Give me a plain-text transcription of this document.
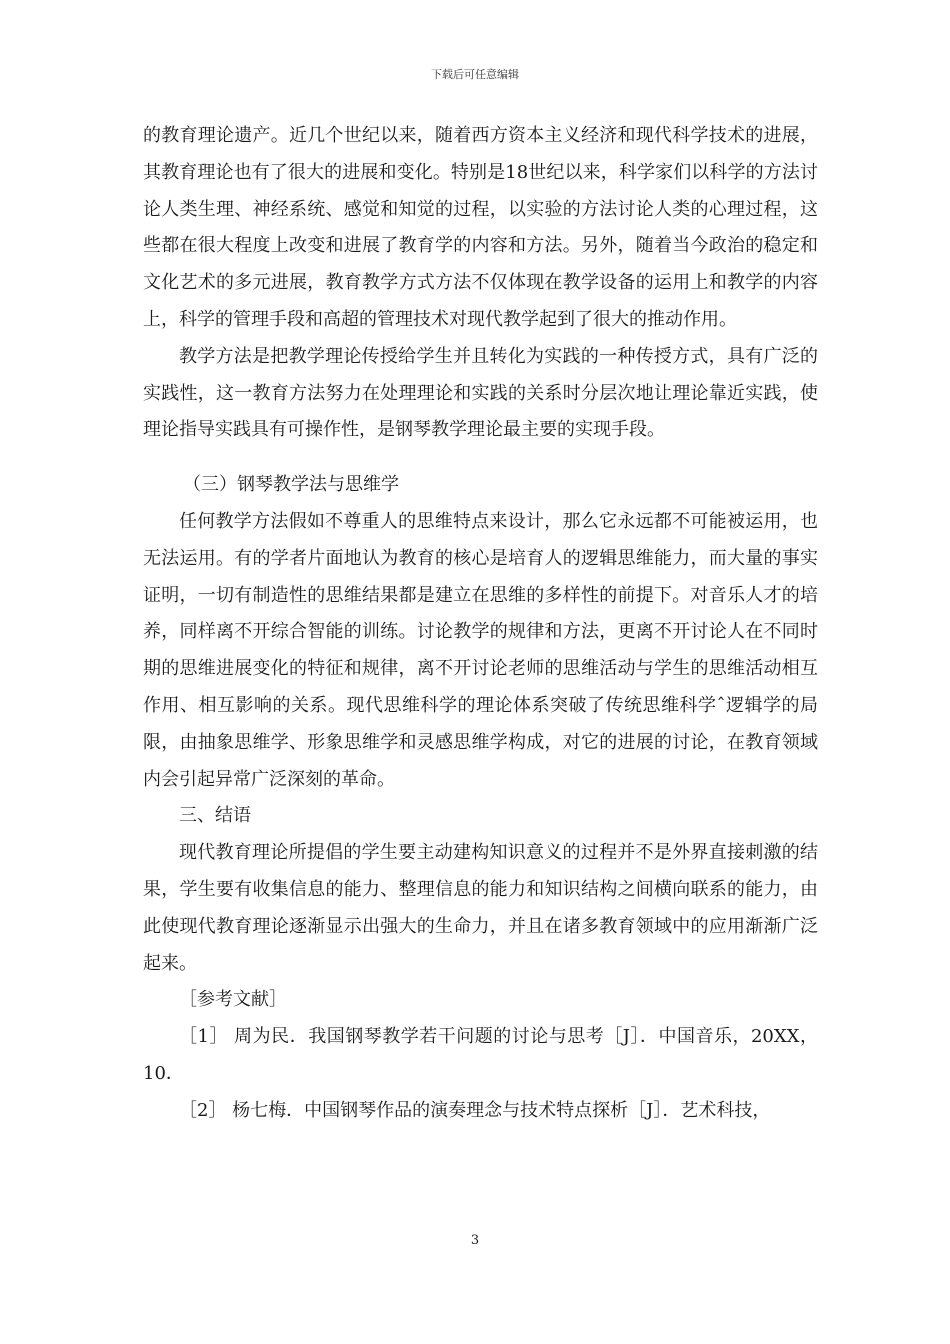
下载后可任意编辑

的教育理论遗产。近几个世纪以来，随着西方资本主义经济和现代科学技术的进展，其教育理论也有了很大的进展和变化。特别是18世纪以来，科学家们以科学的方法讨论人类生理、神经系统、感觉和知觉的过程，以实验的方法讨论人类的心理过程，这些都在很大程度上改变和进展了教育学的内容和方法。另外，随着当今政治的稳定和文化艺术的多元进展，教育教学方式方法不仅体现在教学设备的运用上和教学的内容上，科学的管理手段和高超的管理技术对现代教学起到了很大的推动作用。

教学方法是把教学理论传授给学生并且转化为实践的一种传授方式，具有广泛的实践性，这一教育方法努力在处理理论和实践的关系时分层次地让理论靠近实践，使理论指导实践具有可操作性，是钢琴教学理论最主要的实现手段。

（三）钢琴教学法与思维学

任何教学方法假如不尊重人的思维特点来设计，那么它永远都不可能被运用，也无法运用。有的学者片面地认为教育的核心是培育人的逻辑思维能力，而大量的事实证明，一切有制造性的思维结果都是建立在思维的多样性的前提下。对音乐人才的培养，同样离不开综合智能的训练。讨论教学的规律和方法，更离不开讨论人在不同时期的思维进展变化的特征和规律，离不开讨论老师的思维活动与学生的思维活动相互作用、相互影响的关系。现代思维科学的理论体系突破了传统思维科学ˆ逻辑学的局限，由抽象思维学、形象思维学和灵感思维学构成，对它的进展的讨论，在教育领域内会引起异常广泛深刻的革命。

三、结语

现代教育理论所提倡的学生要主动建构知识意义的过程并不是外界直接刺激的结果，学生要有收集信息的能力、整理信息的能力和知识结构之间横向联系的能力，由此使现代教育理论逐渐显示出强大的生命力，并且在诸多教育领域中的应用渐渐广泛起来。

［参考文献］

［1］ 周为民．我国钢琴教学若干问题的讨论与思考［J］．中国音乐，20XX，10．

［2］ 杨七梅．中国钢琴作品的演奏理念与技术特点探析［J］．艺术科技，

3
